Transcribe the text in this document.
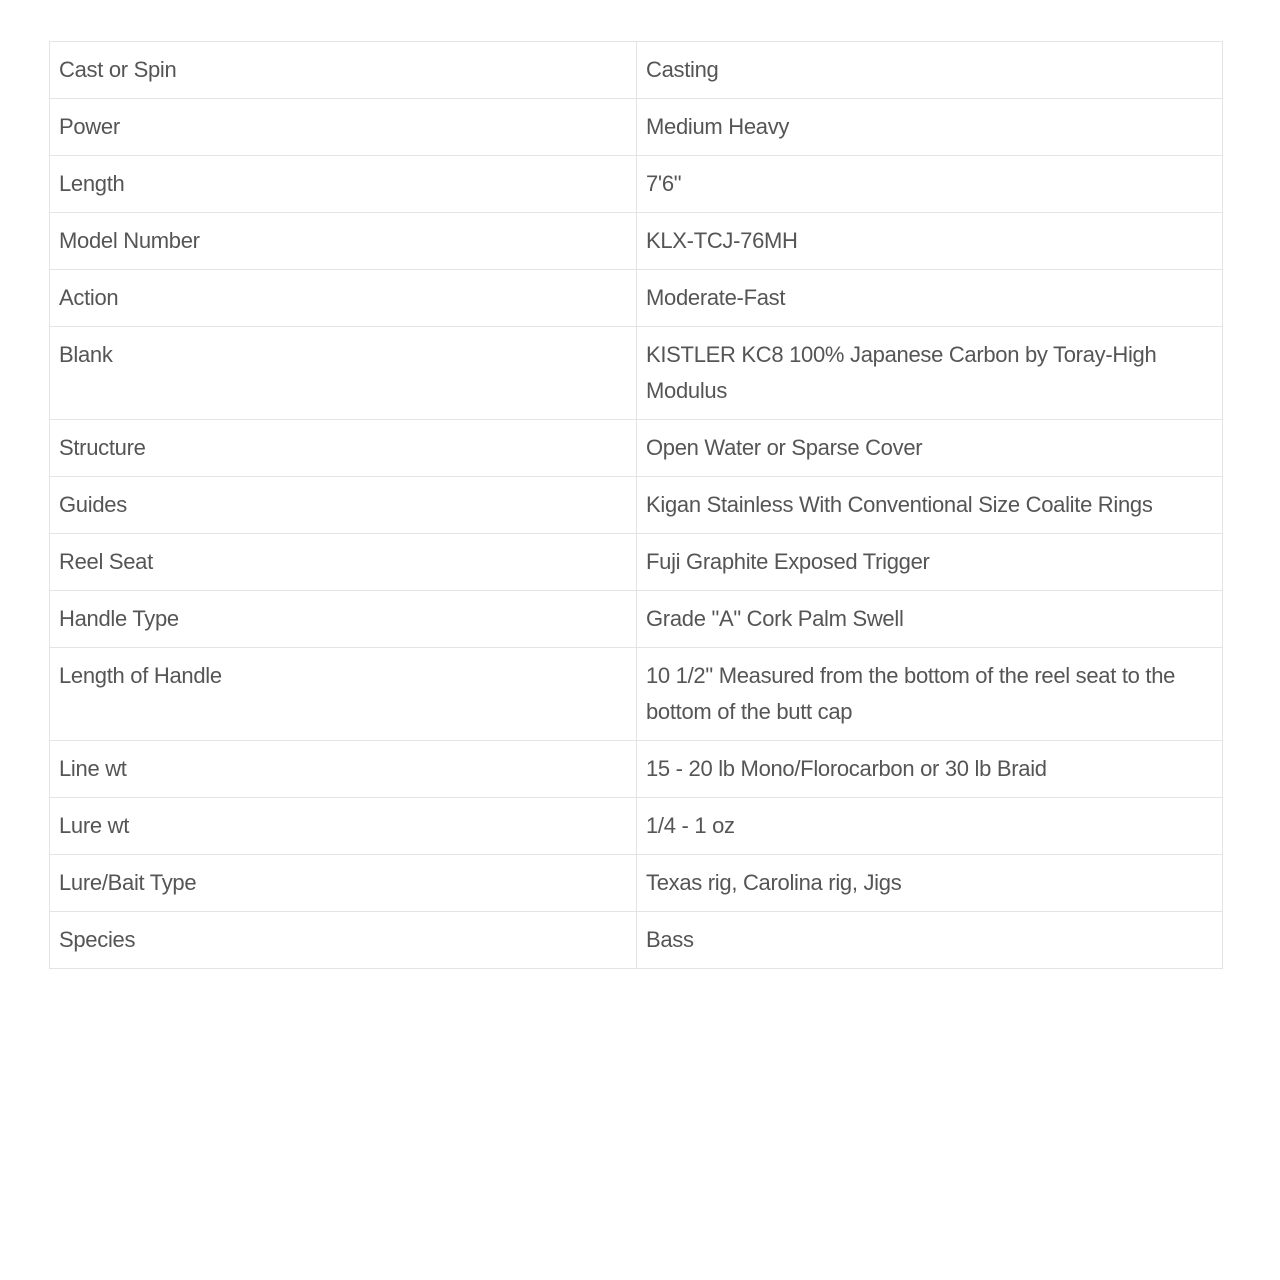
Cast or Spin	Casting
Power	Medium Heavy
Length	7'6"
Model Number	KLX-TCJ-76MH
Action	Moderate-Fast
Blank	KISTLER KC8 100% Japanese Carbon by Toray-High Modulus
Structure	Open Water or Sparse Cover
Guides	Kigan Stainless With Conventional Size Coalite Rings
Reel Seat	Fuji Graphite Exposed Trigger
Handle Type	Grade "A" Cork Palm Swell
Length of Handle	10 1/2" Measured from the bottom of the reel seat to the bottom of the butt cap
Line wt	15 - 20 lb Mono/Florocarbon or 30 lb Braid
Lure wt	1/4 - 1 oz
Lure/Bait Type	Texas rig, Carolina rig, Jigs
Species	Bass
